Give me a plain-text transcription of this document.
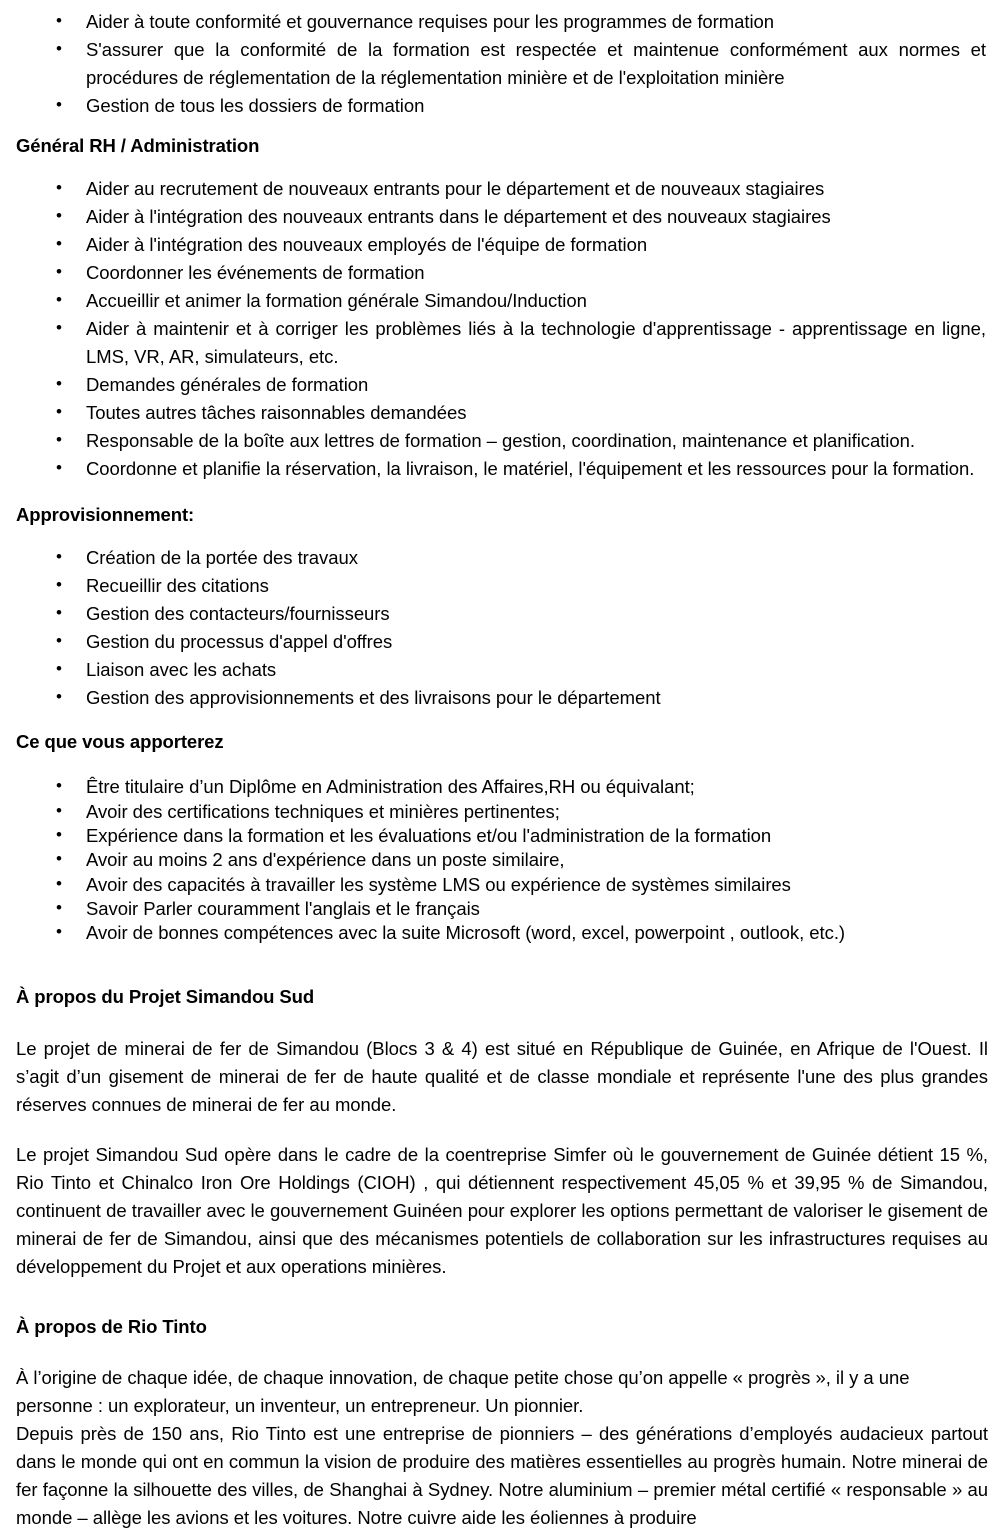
• Aider à toute conformité et gouvernance requises pour les programmes de formation
• S'assurer que la conformité de la formation est respectée et maintenue conformément aux normes et procédures de réglementation de la réglementation minière et de l'exploitation minière
• Gestion de tous les dossiers de formation
Général RH / Administration
• Aider au recrutement de nouveaux entrants pour le département et de nouveaux stagiaires
• Aider à l'intégration des nouveaux entrants dans le département et des nouveaux stagiaires
• Aider à l'intégration des nouveaux employés de l'équipe de formation
• Coordonner les événements de formation
• Accueillir et animer la formation générale Simandou/Induction
• Aider à maintenir et à corriger les problèmes liés à la technologie d'apprentissage - apprentissage en ligne, LMS, VR, AR, simulateurs, etc.
• Demandes générales de formation
• Toutes autres tâches raisonnables demandées
• Responsable de la boîte aux lettres de formation – gestion, coordination, maintenance et planification.
• Coordonne et planifie la réservation, la livraison, le matériel, l'équipement et les ressources pour la formation.
Approvisionnement:
• Création de la portée des travaux
• Recueillir des citations
• Gestion des contacteurs/fournisseurs
• Gestion du processus d'appel d'offres
• Liaison avec les achats
• Gestion des approvisionnements et des livraisons pour le département
Ce que vous apporterez
• Être titulaire d’un Diplôme en Administration des Affaires,RH ou équivalant;
• Avoir des certifications techniques et minières pertinentes;
• Expérience dans la formation et les évaluations et/ou l'administration de la formation
• Avoir au moins 2 ans d'expérience dans un poste similaire,
• Avoir des capacités à travailler les système LMS ou expérience de systèmes similaires
• Savoir Parler couramment l'anglais et le français
• Avoir de bonnes compétences avec la suite Microsoft (word, excel, powerpoint , outlook, etc.)
À propos du Projet Simandou Sud

Le projet de minerai de fer de Simandou (Blocs 3 & 4) est situé en République de Guinée, en Afrique de l'Ouest. Il s’agit d’un gisement de minerai de fer de haute qualité et de classe mondiale et représente l'une des plus grandes réserves connues de minerai de fer au monde.

Le projet Simandou Sud opère dans le cadre de la coentreprise Simfer où le gouvernement de Guinée détient 15 %, Rio Tinto et Chinalco Iron Ore Holdings (CIOH) , qui détiennent respectivement 45,05 % et 39,95 % de Simandou, continuent de travailler avec le gouvernement Guinéen pour explorer les options permettant de valoriser le gisement de minerai de fer de Simandou, ainsi que des mécanismes potentiels de collaboration sur les infrastructures requises au développement du Projet et aux operations minières.

À propos de Rio Tinto

À l’origine de chaque idée, de chaque innovation, de chaque petite chose qu’on appelle « progrès », il y a une personne : un explorateur, un inventeur, un entrepreneur. Un pionnier.

Depuis près de 150 ans, Rio Tinto est une entreprise de pionniers – des générations d’employés audacieux partout dans le monde qui ont en commun la vision de produire des matières essentielles au progrès humain. Notre minerai de fer façonne la silhouette des villes, de Shanghai à Sydney. Notre aluminium – premier métal certifié « responsable » au monde – allège les avions et les voitures. Notre cuivre aide les éoliennes à produire
